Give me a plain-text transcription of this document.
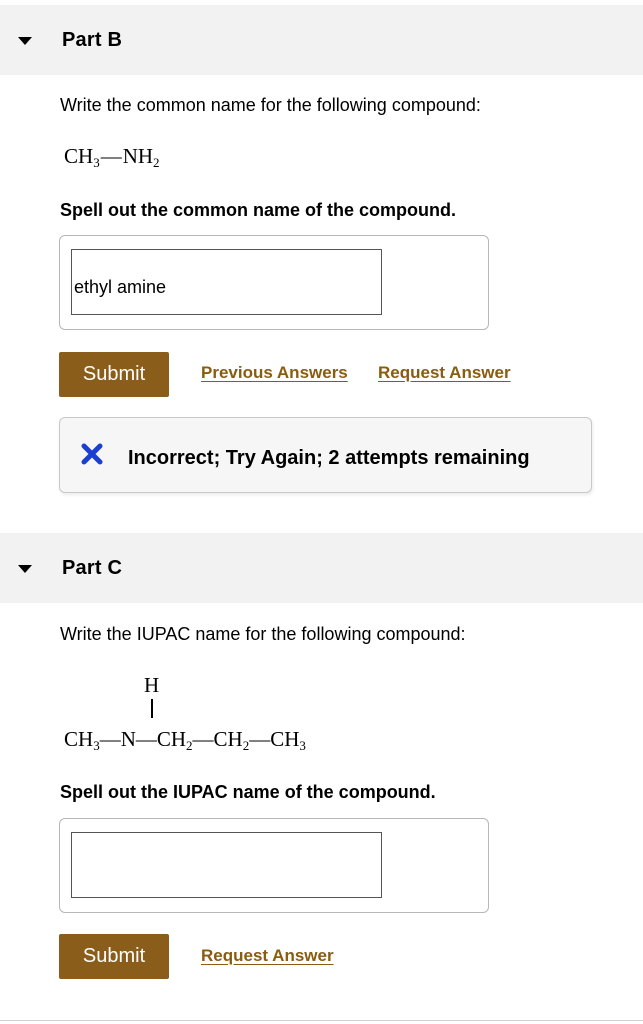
Part B
Write the common name for the following compound:
$CH_3—NH_2$
Spell out the common name of the compound.
ethyl amine
Submit	Previous Answers Request Answer
Incorrect; Try Again; 2 attempts remaining
Part C
Write the IUPAC name for the following compound:
H
$CH_3—N—CH_2—CH_2—CH_3$
Spell out the IUPAC name of the compound.
Submit	Request Answer
